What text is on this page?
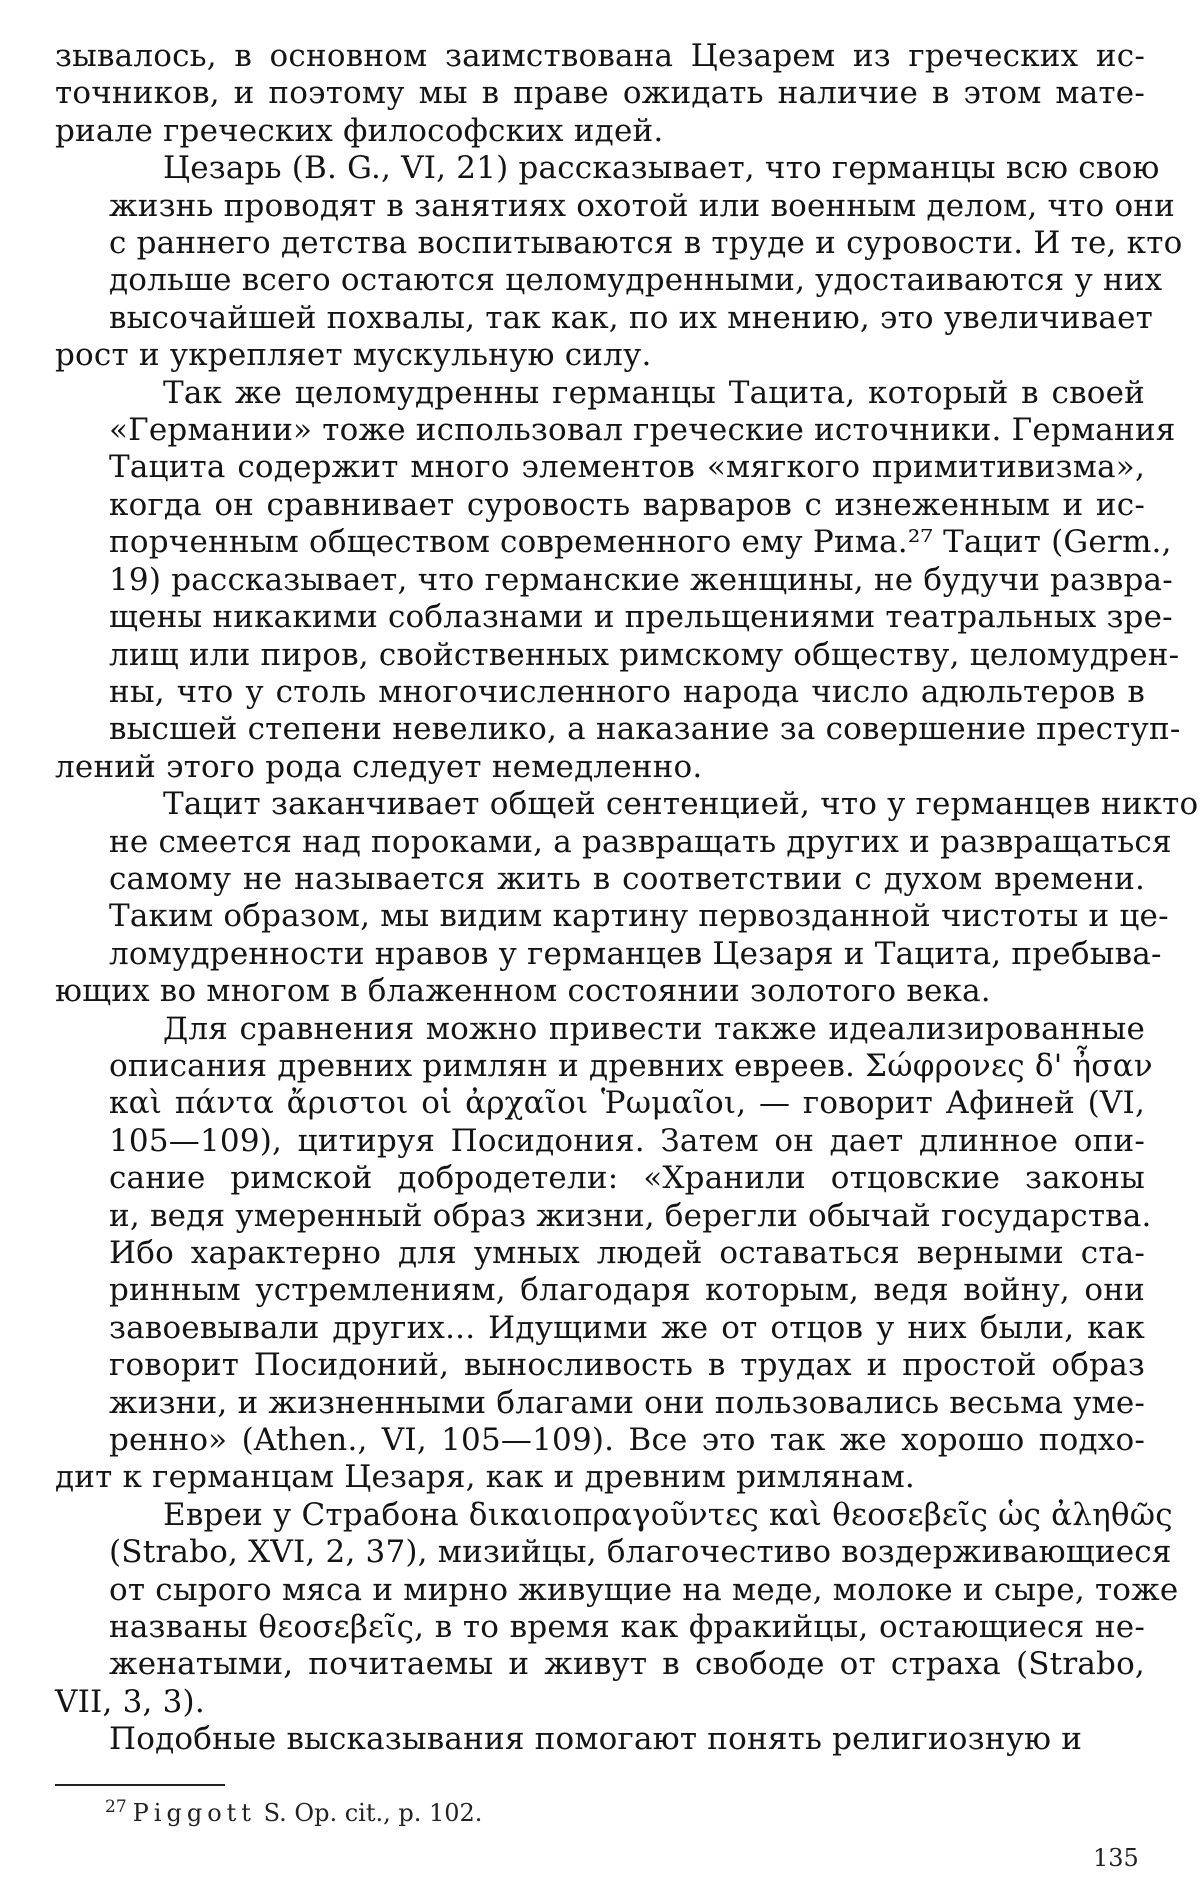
зывалось, в основном заимствована Цезарем из греческих ис-
точников, и поэтому мы в праве ожидать наличие в этом мате-
риале греческих философских идей.

Цезарь (B. G., VI, 21) рассказывает, что германцы всю свою
жизнь проводят в занятиях охотой или военным делом, что они
с раннего детства воспитываются в труде и суровости. И те, кто
дольше всего остаются целомудренными, удостаиваются у них
высочайшей похвалы, так как, по их мнению, это увеличивает
рост и укрепляет мускульную силу.

Так же целомудренны германцы Тацита, который в своей
«Германии» тоже использовал греческие источники. Германия
Тацита содержит много элементов «мягкого примитивизма»,
когда он сравнивает суровость варваров с изнеженным и ис-
порченным обществом современного ему Рима.²⁷ Тацит (Germ.,
19) рассказывает, что германские женщины, не будучи развра-
щены никакими соблазнами и прельщениями театральных зре-
лищ или пиров, свойственных римскому обществу, целомудрен-
ны, что у столь многочисленного народа число адюльтеров в
высшей степени невелико, а наказание за совершение преступ-
лений этого рода следует немедленно.

Тацит заканчивает общей сентенцией, что у германцев никто
не смеется над пороками, а развращать других и развращаться
самому не называется жить в соответствии с духом времени.
Таким образом, мы видим картину первозданной чистоты и це-
ломудренности нравов у германцев Цезаря и Тацита, пребыва-
ющих во многом в блаженном состоянии золотого века.

Для сравнения можно привести также идеализированные
описания древних римлян и древних евреев. Σώφρονες δ' ἦσαν
καὶ πάντα ἄριστοι οἱ ἀρχαῖοι Ῥωμαῖοι, — говорит Афиней (VI,
105—109), цитируя Посидония. Затем он дает длинное опи-
сание римской добродетели: «Хранили отцовские законы
и, ведя умеренный образ жизни, берегли обычай государства.
Ибо характерно для умных людей оставаться верными ста-
ринным устремлениям, благодаря которым, ведя войну, они
завоевывали других... Идущими же от отцов у них были, как
говорит Посидоний, выносливость в трудах и простой образ
жизни, и жизненными благами они пользовались весьма уме-
ренно» (Athen., VI, 105—109). Все это так же хорошо подхо-
дит к германцам Цезаря, как и древним римлянам.

Евреи у Страбона δικαιοπραγοῦντες καὶ θεοσεβεῖς ὡς ἀληθῶς
(Strabo, XVI, 2, 37), мизийцы, благочестиво воздерживающиеся
от сырого мяса и мирно живущие на меде, молоке и сыре, тоже
названы θεοσεβεῖς, в то время как фракийцы, остающиеся не-
женатыми, почитаемы и живут в свободе от страха (Strabo,
VII, 3, 3).

Подобные высказывания помогают понять религиозную и

$^{27}$ Piggott S. Op. cit., p. 102.
135
